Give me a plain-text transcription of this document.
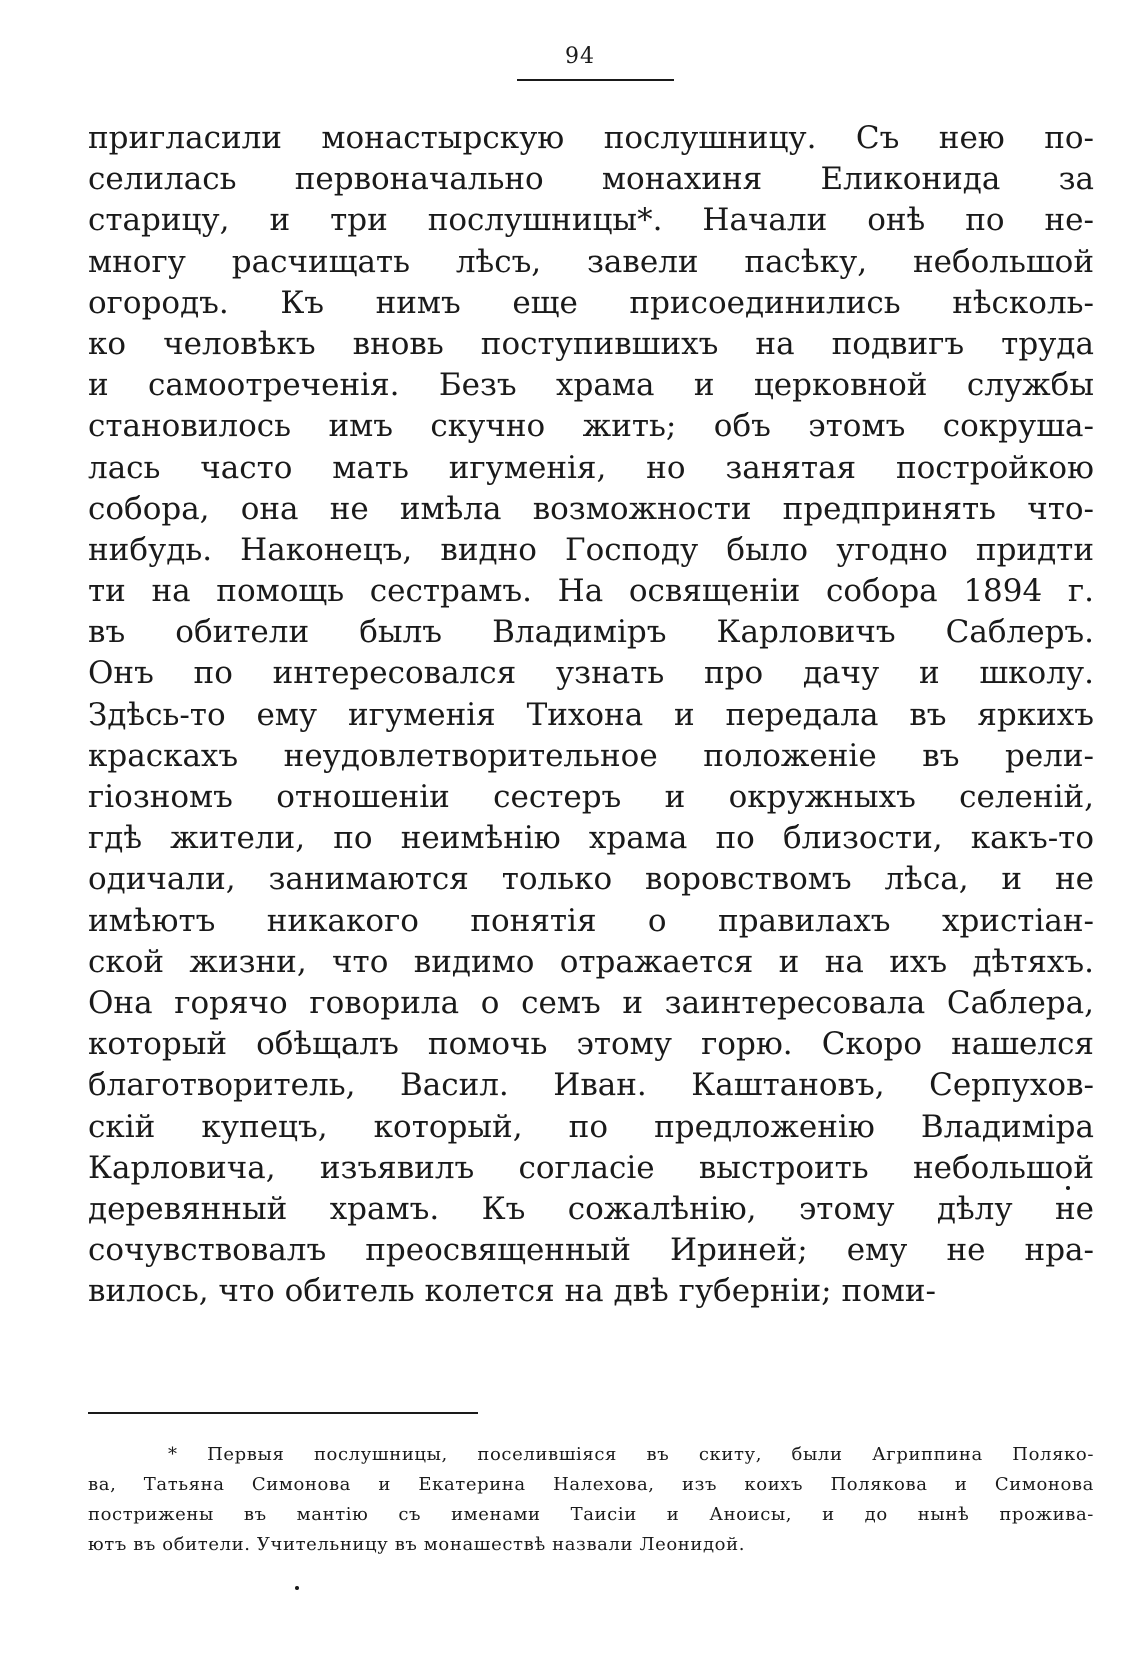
94
пригласили монастырскую послушницу. Съ нею по-
селилась первоначально монахиня Еликонида за
старицу, и три послушницы*. Начали онѣ по не-
многу расчищать лѣсъ, завели пасѣку, небольшой
огородъ. Къ нимъ еще присоединились нѣсколь-
ко человѣкъ вновь поступившихъ на подвигъ труда
и самоотреченія. Безъ храма и церковной службы
становилось имъ скучно жить; объ этомъ сокруша-
лась часто мать игуменія, но занятая постройкою
собора, она не имѣла возможности предпринять что-
нибудь. Наконецъ, видно Господу было угодно придти
ти на помощь сестрамъ. На освященіи собора 1894 г.
въ обители былъ Владиміръ Карловичъ Саблеръ.
Онъ по интересовался узнать про дачу и школу.
Здѣсь-то ему игуменія Тихона и передала въ яркихъ
краскахъ неудовлетворительное положеніе въ рели-
гіозномъ отношеніи сестеръ и окружныхъ селеній,
гдѣ жители, по неимѣнію храма по близости, какъ-то
одичали, занимаются только воровствомъ лѣса, и не
имѣютъ никакого понятія о правилахъ христіан-
ской жизни, что видимо отражается и на ихъ дѣтяхъ.
Она горячо говорила о семъ и заинтересовала Саблера,
который обѣщалъ помочь этому горю. Скоро нашелся
благотворитель, Васил. Иван. Каштановъ, Серпухов-
скій купецъ, который, по предложенію Владиміра
Карловича, изъявилъ согласіе выстроить небольшой
деревянный храмъ. Къ сожалѣнію, этому дѣлу не
сочувствовалъ преосвященный Ириней; ему не нра-
вилось, что обитель колется на двѣ губерніи; поми-
* Первыя послушницы, поселившіяся въ скиту, были Агриппина Поляко-
ва, Татьяна Симонова и Екатерина Налехова, изъ коихъ Полякова и Симонова
пострижены въ мантію съ именами Таисіи и Аноисы, и до нынѣ прожива-
ютъ въ обители. Учительницу въ монашествѣ назвали Леонидой.
